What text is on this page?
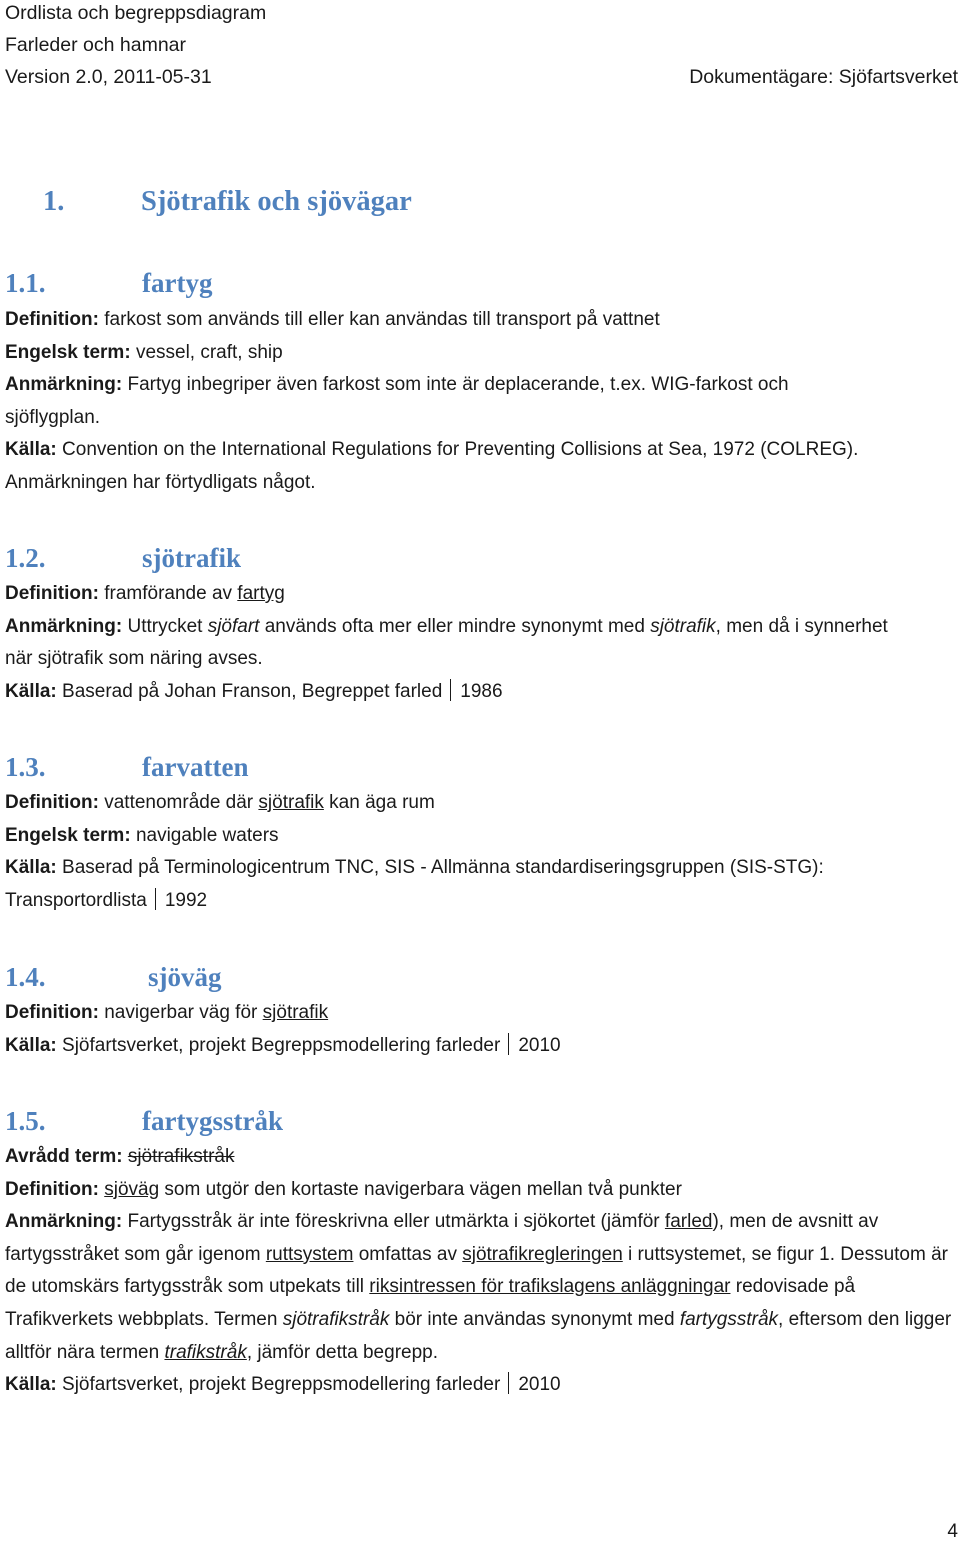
Ordlista och begreppsdiagram
Farleder och hamnar
Version 2.0, 2011-05-31	Dokumentägare: Sjöfartsverket
1.	Sjötrafik och sjövägar
1.1.	fartyg
Definition: farkost som används till eller kan användas till transport på vattnet
Engelsk term: vessel, craft, ship
Anmärkning: Fartyg inbegriper även farkost som inte är deplacerande, t.ex. WIG-farkost och sjöflygplan.
Källa: Convention on the International Regulations for Preventing Collisions at Sea, 1972 (COLREG). Anmärkningen har förtydligats något.
1.2.	sjötrafik
Definition: framförande av fartyg
Anmärkning: Uttrycket sjöfart används ofta mer eller mindre synonymt med sjötrafik, men då i synnerhet när sjötrafik som näring avses.
Källa: Baserad på Johan Franson, Begreppet farled 1986
1.3.	farvatten
Definition: vattenområde där sjötrafik kan äga rum
Engelsk term: navigable waters
Källa: Baserad på Terminologicentrum TNC, SIS - Allmänna standardiseringsgruppen (SIS-STG): Transportordlista 1992
1.4.	sjöväg
Definition: navigerbar väg för sjötrafik
Källa: Sjöfartsverket, projekt Begreppsmodellering farleder 2010
1.5.	fartygsstråk
Avrådd term: sjötrafikstråk
Definition: sjöväg som utgör den kortaste navigerbara vägen mellan två punkter
Anmärkning: Fartygsstråk är inte föreskrivna eller utmärkta i sjökortet (jämför farled), men de avsnitt av fartygsstråket som går igenom ruttsystem omfattas av sjötrafikregleringen i ruttsystemet, se figur 1. Dessutom är de utomskärs fartygsstråk som utpekats till riksintressen för trafikslagens anläggningar redovisade på Trafikverkets webbplats. Termen sjötrafikstråk bör inte användas synonymt med fartygsstråk, eftersom den ligger alltför nära termen trafikstråk, jämför detta begrepp.
Källa: Sjöfartsverket, projekt Begreppsmodellering farleder 2010
4
